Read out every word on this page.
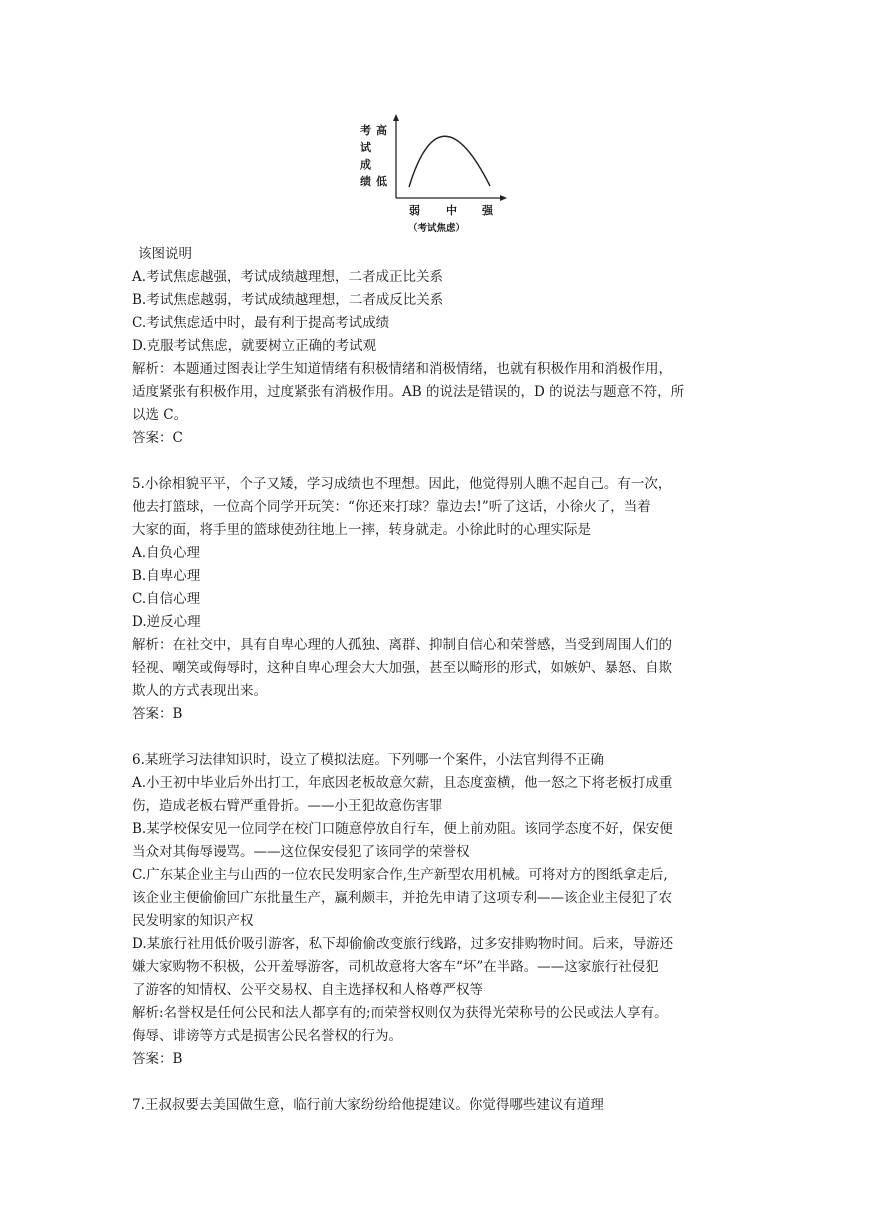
考
试
成
绩
高
低
弱 中 强
（考试焦虑）
该图说明
A.考试焦虑越强，考试成绩越理想，二者成正比关系
B.考试焦虑越弱，考试成绩越理想，二者成反比关系
C.考试焦虑适中时，最有利于提高考试成绩
D.克服考试焦虑，就要树立正确的考试观
解析：本题通过图表让学生知道情绪有积极情绪和消极情绪，也就有积极作用和消极作用，
适度紧张有积极作用，过度紧张有消极作用。AB 的说法是错误的，D 的说法与题意不符，所
以选 C。
答案：C
5.小徐相貌平平，个子又矮，学习成绩也不理想。因此，他觉得别人瞧不起自己。有一次，
他去打篮球，一位高个同学开玩笑：“你还来打球？靠边去!”听了这话，小徐火了，当着
大家的面，将手里的篮球使劲往地上一摔，转身就走。小徐此时的心理实际是
A.自负心理
B.自卑心理
C.自信心理
D.逆反心理
解析：在社交中，具有自卑心理的人孤独、离群、抑制自信心和荣誉感，当受到周围人们的
轻视、嘲笑或侮辱时，这种自卑心理会大大加强，甚至以畸形的形式，如嫉妒、暴怒、自欺
欺人的方式表现出来。
答案：B
6.某班学习法律知识时，设立了模拟法庭。下列哪一个案件，小法官判得不正确
A.小王初中毕业后外出打工，年底因老板故意欠薪，且态度蛮横，他一怒之下将老板打成重
伤，造成老板右臂严重骨折。——小王犯故意伤害罪
B.某学校保安见一位同学在校门口随意停放自行车，便上前劝阻。该同学态度不好，保安便
当众对其侮辱谩骂。——这位保安侵犯了该同学的荣誉权
C.广东某企业主与山西的一位农民发明家合作,生产新型农用机械。可将对方的图纸拿走后,
该企业主便偷偷回广东批量生产，赢利颇丰，并抢先申请了这项专利——该企业主侵犯了农
民发明家的知识产权
D.某旅行社用低价吸引游客，私下却偷偷改变旅行线路，过多安排购物时间。后来，导游还
嫌大家购物不积极，公开羞辱游客，司机故意将大客车“坏”在半路。——这家旅行社侵犯
了游客的知情权、公平交易权、自主选择权和人格尊严权等
解析:名誉权是任何公民和法人都享有的;而荣誉权则仅为获得光荣称号的公民或法人享有。
侮辱、诽谤等方式是损害公民名誉权的行为。
答案：B
7.王叔叔要去美国做生意，临行前大家纷纷给他提建议。你觉得哪些建议有道理
